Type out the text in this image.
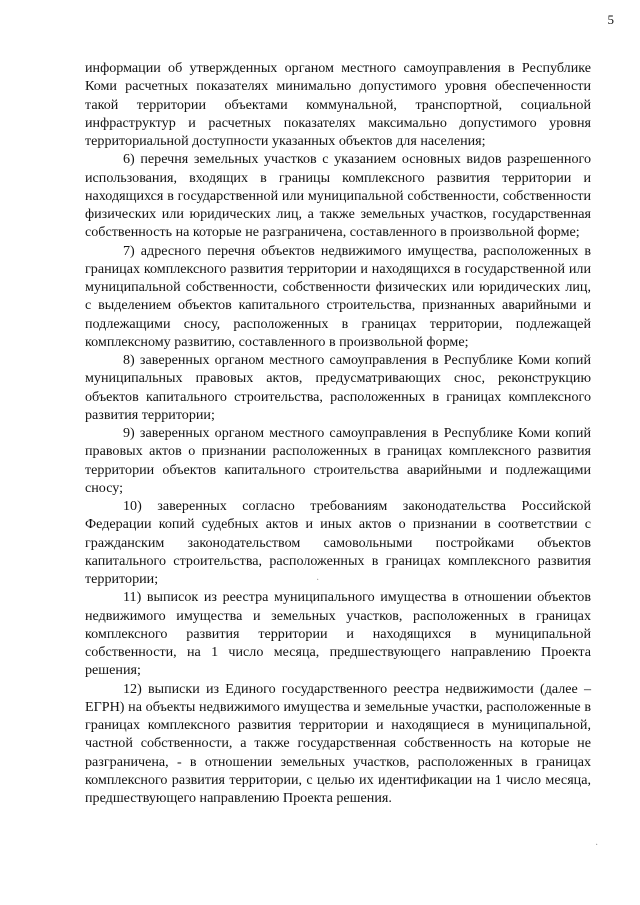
5

информации об утвержденных органом местного самоуправления в Республике Коми расчетных показателях минимально допустимого уровня обеспеченности такой территории объектами коммунальной, транспортной, социальной инфраструктур и расчетных показателях максимально допустимого уровня территориальной доступности указанных объектов для населения;

6) перечня земельных участков с указанием основных видов разрешенного использования, входящих в границы комплексного развития территории и находящихся в государственной или муниципальной собственности, собственности физических или юридических лиц, а также земельных участков, государственная собственность на которые не разграничена, составленного в произвольной форме;

7) адресного перечня объектов недвижимого имущества, расположенных в границах комплексного развития территории и находящихся в государственной или муниципальной собственности, собственности физических или юридических лиц, с выделением объектов капитального строительства, признанных аварийными и подлежащими сносу, расположенных в границах территории, подлежащей комплексному развитию, составленного в произвольной форме;

8) заверенных органом местного самоуправления в Республике Коми копий муниципальных правовых актов, предусматривающих снос, реконструкцию объектов капитального строительства, расположенных в границах комплексного развития территории;

9) заверенных органом местного самоуправления в Республике Коми копий правовых актов о признании расположенных в границах комплексного развития территории объектов капитального строительства аварийными и подлежащими сносу;

10) заверенных согласно требованиям законодательства Российской Федерации копий судебных актов и иных актов о признании в соответствии с гражданским законодательством самовольными постройками объектов капитального строительства, расположенных в границах комплексного развития территории;

11) выписок из реестра муниципального имущества в отношении объектов недвижимого имущества и земельных участков, расположенных в границах комплексного развития территории и находящихся в муниципальной собственности, на 1 число месяца, предшествующего направлению Проекта решения;

12) выписки из Единого государственного реестра недвижимости (далее – ЕГРН) на объекты недвижимого имущества и земельные участки, расположенные в границах комплексного развития территории и находящиеся в муниципальной, частной собственности, а также государственная собственность на которые не разграничена, - в отношении земельных участков, расположенных в границах комплексного развития территории, с целью их идентификации на 1 число месяца, предшествующего направлению Проекта решения.

·
·
